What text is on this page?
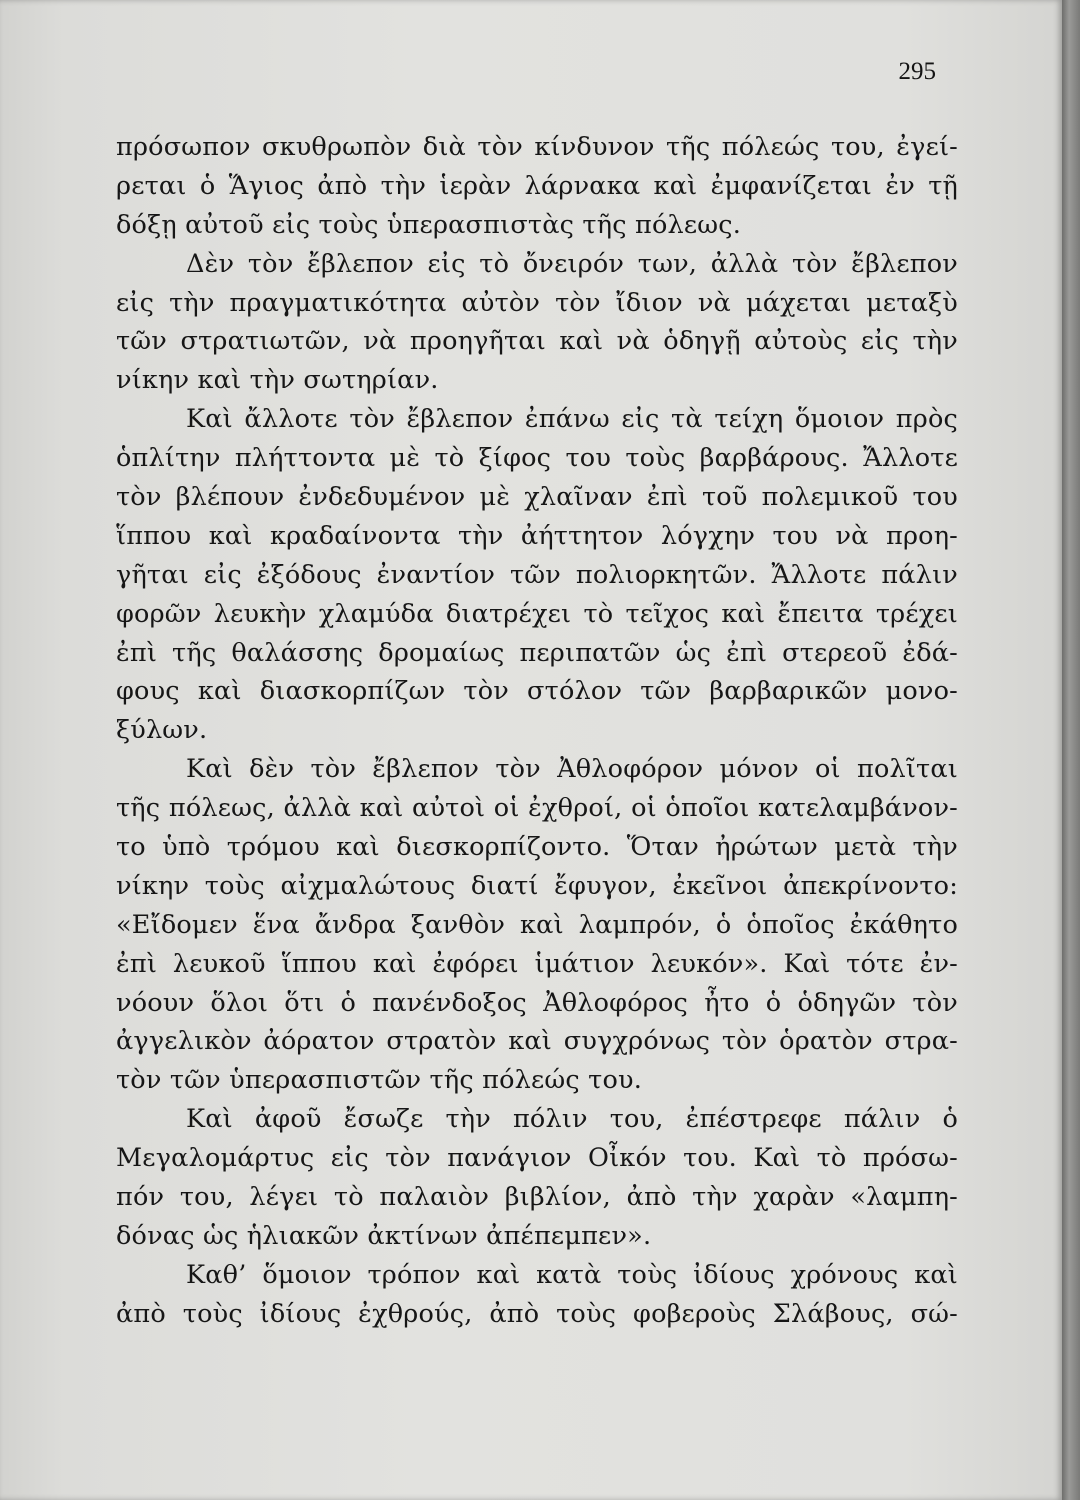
295

πρόσωπον σκυθρωπὸν διὰ τὸν κίνδυνον τῆς πόλεώς του, ἐγεί-
ρεται ὁ Ἅγιος ἀπὸ τὴν ἱερὰν λάρνακα καὶ ἐμφανίζεται ἐν τῇ
δόξῃ αὐτοῦ εἰς τοὺς ὑπερασπιστὰς τῆς πόλεως.

Δὲν τὸν ἔβλεπον εἰς τὸ ὄνειρόν των, ἀλλὰ τὸν ἔβλεπον
εἰς τὴν πραγματικότητα αὐτὸν τὸν ἴδιον νὰ μάχεται μεταξὺ
τῶν στρατιωτῶν, νὰ προηγῆται καὶ νὰ ὁδηγῇ αὐτοὺς εἰς τὴν
νίκην καὶ τὴν σωτηρίαν.

Καὶ ἄλλοτε τὸν ἔβλεπον ἐπάνω εἰς τὰ τείχη ὅμοιον πρὸς
ὁπλίτην πλήττοντα μὲ τὸ ξίφος του τοὺς βαρβάρους. Ἄλλοτε
τὸν βλέπουν ἐνδεδυμένον μὲ χλαῖναν ἐπὶ τοῦ πολεμικοῦ του
ἵππου καὶ κραδαίνοντα τὴν ἀήττητον λόγχην του νὰ προη-
γῆται εἰς ἐξόδους ἐναντίον τῶν πολιορκητῶν. Ἄλλοτε πάλιν
φορῶν λευκὴν χλαμύδα διατρέχει τὸ τεῖχος καὶ ἔπειτα τρέχει
ἐπὶ τῆς θαλάσσης δρομαίως περιπατῶν ὡς ἐπὶ στερεοῦ ἐδά-
φους καὶ διασκορπίζων τὸν στόλον τῶν βαρβαρικῶν μονο-
ξύλων.

Καὶ δὲν τὸν ἔβλεπον τὸν Ἀθλοφόρον μόνον οἱ πολῖται
τῆς πόλεως, ἀλλὰ καὶ αὐτοὶ οἱ ἐχθροί, οἱ ὁποῖοι κατελαμβάνον-
το ὑπὸ τρόμου καὶ διεσκορπίζοντο. Ὅταν ἠρώτων μετὰ τὴν
νίκην τοὺς αἰχμαλώτους διατί ἔφυγον, ἐκεῖνοι ἀπεκρίνοντο:
«Εἴδομεν ἕνα ἄνδρα ξανθὸν καὶ λαμπρόν, ὁ ὁποῖος ἐκάθητο
ἐπὶ λευκοῦ ἵππου καὶ ἐφόρει ἱμάτιον λευκόν». Καὶ τότε ἐν-
νόουν ὅλοι ὅτι ὁ πανένδοξος Ἀθλοφόρος ἦτο ὁ ὁδηγῶν τὸν
ἀγγελικὸν ἀόρατον στρατὸν καὶ συγχρόνως τὸν ὁρατὸν στρα-
τὸν τῶν ὑπερασπιστῶν τῆς πόλεώς του.

Καὶ ἀφοῦ ἔσωζε τὴν πόλιν του, ἐπέστρεφε πάλιν ὁ
Μεγαλομάρτυς εἰς τὸν πανάγιον Οἶκόν του. Καὶ τὸ πρόσω-
πόν του, λέγει τὸ παλαιὸν βιβλίον, ἀπὸ τὴν χαρὰν «λαμπη-
δόνας ὡς ἡλιακῶν ἀκτίνων ἀπέπεμπεν».

Καθ’ ὅμοιον τρόπον καὶ κατὰ τοὺς ἰδίους χρόνους καὶ
ἀπὸ τοὺς ἰδίους ἐχθρούς, ἀπὸ τοὺς φοβεροὺς Σλάβους, σώ-
